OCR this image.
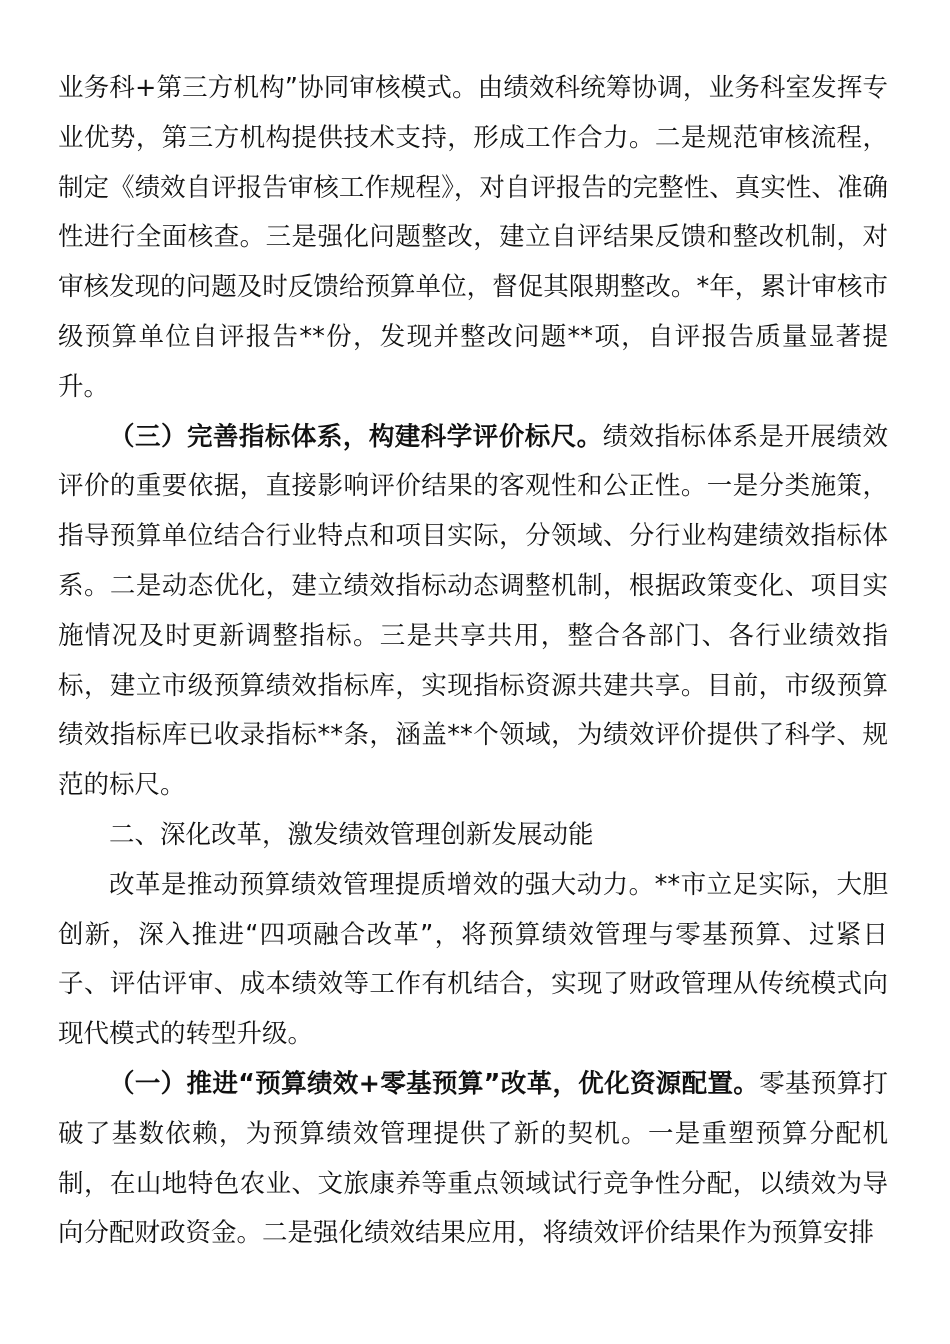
业务科+第三方机构”协同审核模式。由绩效科统筹协调，业务科室发挥专业优势，第三方机构提供技术支持，形成工作合力。二是规范审核流程，制定《绩效自评报告审核工作规程》，对自评报告的完整性、真实性、准确性进行全面核查。三是强化问题整改，建立自评结果反馈和整改机制，对审核发现的问题及时反馈给预算单位，督促其限期整改。*年，累计审核市级预算单位自评报告**份，发现并整改问题**项，自评报告质量显著提升。

（三）完善指标体系，构建科学评价标尺。绩效指标体系是开展绩效评价的重要依据，直接影响评价结果的客观性和公正性。一是分类施策，指导预算单位结合行业特点和项目实际，分领域、分行业构建绩效指标体系。二是动态优化，建立绩效指标动态调整机制，根据政策变化、项目实施情况及时更新调整指标。三是共享共用，整合各部门、各行业绩效指标，建立市级预算绩效指标库，实现指标资源共建共享。目前，市级预算绩效指标库已收录指标**条，涵盖**个领域，为绩效评价提供了科学、规范的标尺。

二、深化改革，激发绩效管理创新发展动能

改革是推动预算绩效管理提质增效的强大动力。**市立足实际，大胆创新，深入推进“四项融合改革”，将预算绩效管理与零基预算、过紧日子、评估评审、成本绩效等工作有机结合，实现了财政管理从传统模式向现代模式的转型升级。

（一）推进“预算绩效+零基预算”改革，优化资源配置。零基预算打破了基数依赖，为预算绩效管理提供了新的契机。一是重塑预算分配机制，在山地特色农业、文旅康养等重点领域试行竞争性分配，以绩效为导向分配财政资金。二是强化绩效结果应用，将绩效评价结果作为预算安排
